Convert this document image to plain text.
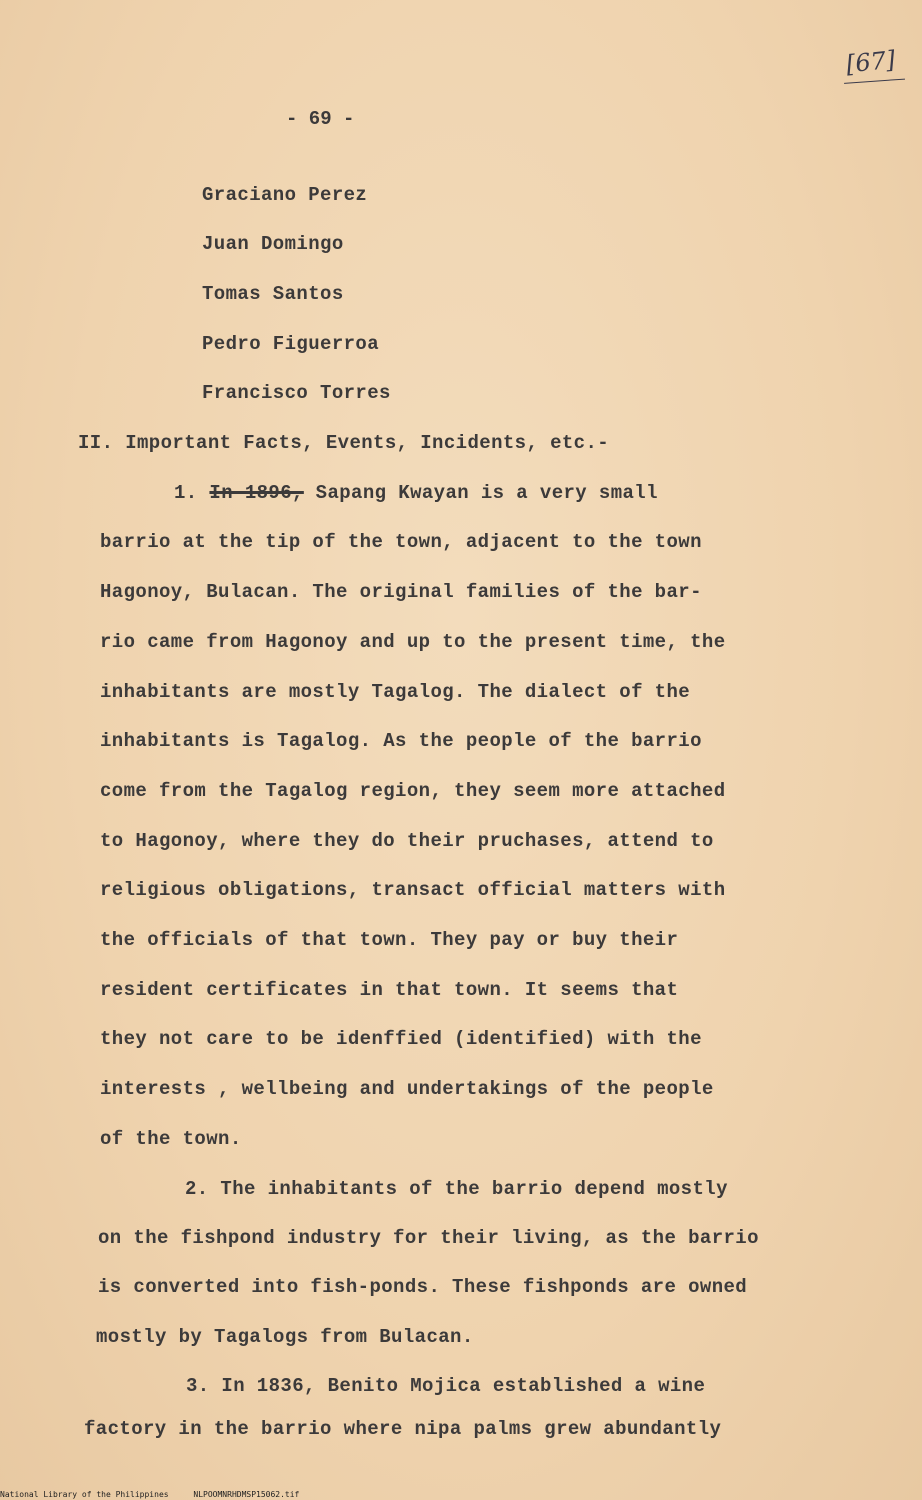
[67]
- 69 -
Graciano Perez
Juan Domingo
Tomas Santos
Pedro Figuerroa
Francisco Torres
II. Important Facts, Events, Incidents, etc.-
1. In 1896, Sapang Kwayan is a very small
barrio at the tip of the town, adjacent to the town
Hagonoy, Bulacan. The original families of the bar-
rio came from Hagonoy and up to the present time, the
inhabitants are mostly Tagalog. The dialect of the
inhabitants is Tagalog. As the people of the barrio
come from the Tagalog region, they seem more attached
to Hagonoy, where they do their pruchases, attend to
religious obligations, transact official matters with
the officials of that town. They pay or buy their
resident certificates in that town. It seems that
they not care to be idenffied (identified) with the
interests , wellbeing and undertakings of the people
of the town.
2. The inhabitants of the barrio depend mostly
on the fishpond industry for their living, as the barrio
is converted into fish-ponds. These fishponds are owned
mostly by Tagalogs from Bulacan.
3. In 1836, Benito Mojica established a wine
factory in the barrio where nipa palms grew abundantly
National Library of the Philippines	NLPOOMNRHDMSP15062.tif
